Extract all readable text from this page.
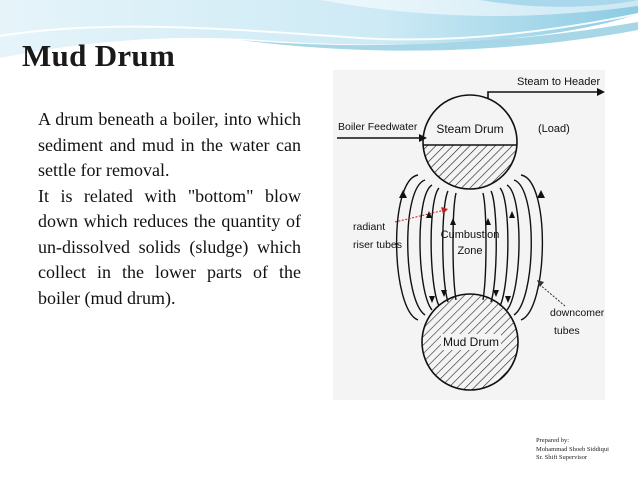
Mud Drum

A drum beneath a boiler, into which sediment and mud in the water can settle for removal.

It is related with "bottom" blow down which reduces the quantity of un-dissolved solids (sludge) which collect in the lower parts of the boiler (mud drum).

Steam Drum
Mud Drum
Cumbustion
Zone
Steam to Header
(Load)
Boiler Feedwater
radiant
riser tubes
downcomer
tubes
Prepared by:
Mohammad Shoeb Siddiqui
Sr. Shift Supervisor
